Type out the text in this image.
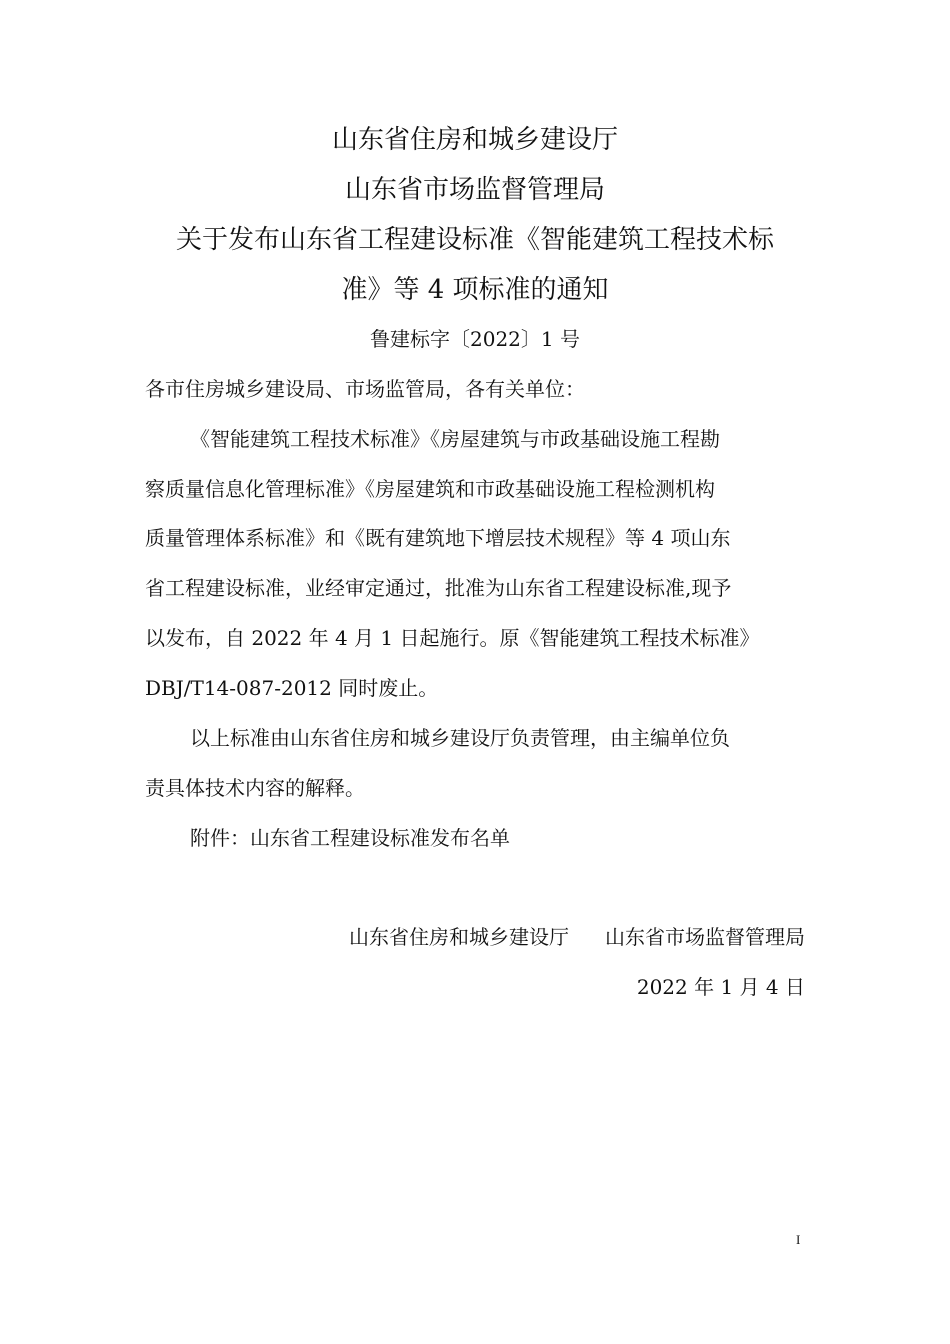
山东省住房和城乡建设厅
山东省市场监督管理局
关于发布山东省工程建设标准《智能建筑工程技术标
准》等 4 项标准的通知
鲁建标字〔2022〕1 号
各市住房城乡建设局、市场监管局，各有关单位：
《智能建筑工程技术标准》《房屋建筑与市政基础设施工程勘
察质量信息化管理标准》《房屋建筑和市政基础设施工程检测机构
质量管理体系标准》和《既有建筑地下增层技术规程》等 4 项山东
省工程建设标准，业经审定通过，批准为山东省工程建设标准,现予
以发布，自 2022 年 4 月 1 日起施行。原《智能建筑工程技术标准》
DBJ/T14-087-2012 同时废止。
以上标准由山东省住房和城乡建设厅负责管理，由主编单位负
责具体技术内容的解释。
附件：山东省工程建设标准发布名单
山东省住房和城乡建设厅 山东省市场监督管理局
2022 年 1 月 4 日
I
